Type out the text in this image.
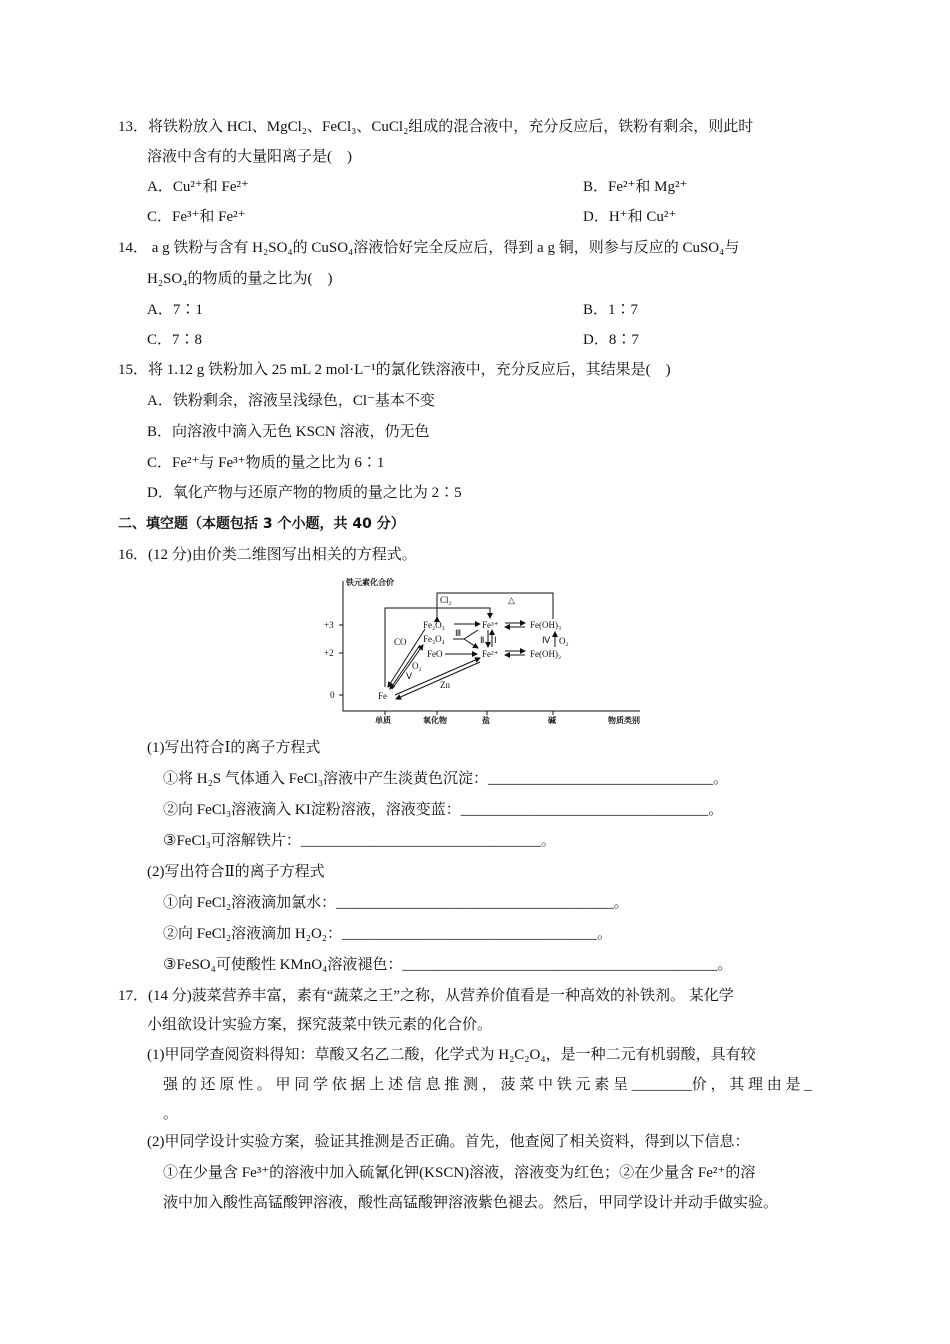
13．将铁粉放入 HCl、MgCl₂、FeCl₃、CuCl₂组成的混合液中，充分反应后，铁粉有剩余，则此时
溶液中含有的大量阳离子是(　)
A．Cu²⁺和 Fe²⁺	B．Fe²⁺和 Mg²⁺
C．Fe³⁺和 Fe²⁺	D．H⁺和 Cu²⁺
14． a g 铁粉与含有 H₂SO₄的 CuSO₄溶液恰好完全反应后，得到 a g 铜，则参与反应的 CuSO₄与
H₂SO₄的物质的量之比为(　)
A．7∶1	B．1∶7
C．7∶8	D．8∶7
15．将 1.12 g 铁粉加入 25 mL 2 mol·L⁻¹的氯化铁溶液中，充分反应后，其结果是(　)
A．铁粉剩余，溶液呈浅绿色，Cl⁻基本不变
B．向溶液中滴入无色 KSCN 溶液，仍无色
C．Fe²⁺与 Fe³⁺物质的量之比为 6∶1
D．氧化产物与还原产物的物质的量之比为 2∶5
二、填空题（本题包括 3 个小题，共 40 分）
16．(12 分)由价类二维图写出相关的方程式。
铁元素化合价
+3
+2
0
单质	氧化物	盐	碱	物质类别
Fe₂O₃
Fe₃O₄
FeO
Fe³⁺
Fe²⁺
Fe(OH)₃
Fe(OH)₂
Fe
Cl₂	△
CO
O₂
Ⅴ
Zn
Ⅲ
Ⅱ Ⅰ	Ⅳ O₂
(1)写出符合Ⅰ的离子方程式
①将 H₂S 气体通入 FeCl₃溶液中产生淡黄色沉淀：______________________________。
②向 FeCl₃溶液滴入 KI淀粉溶液，溶液变蓝：_________________________________。
③FeCl₃可溶解铁片：________________________________。
(2)写出符合Ⅱ的离子方程式
①向 FeCl₂溶液滴加氯水：_____________________________________。
②向 FeCl₂溶液滴加 H₂O₂：__________________________________。
③FeSO₄可使酸性 KMnO₄溶液褪色：__________________________________________。
17．(14 分)菠菜营养丰富，素有“蔬菜之王”之称，从营养价值看是一种高效的补铁剂。 某化学
小组欲设计实验方案，探究菠菜中铁元素的化合价。
(1)甲同学查阅资料得知：草酸又名乙二酸，化学式为 H₂C₂O₄，是一种二元有机弱酸，具有较
强 的 还 原 性 。 甲 同 学 依 据 上 述 信 息 推 测 ， 菠 菜 中 铁 元 素 呈 ________价 ， 其 理 由 是 _
。
(2)甲同学设计实验方案，验证其推测是否正确。首先，他查阅了相关资料，得到以下信息：
①在少量含 Fe³⁺的溶液中加入硫氰化钾(KSCN)溶液，溶液变为红色；②在少量含 Fe²⁺的溶
液中加入酸性高锰酸钾溶液，酸性高锰酸钾溶液紫色褪去。然后，甲同学设计并动手做实验。
